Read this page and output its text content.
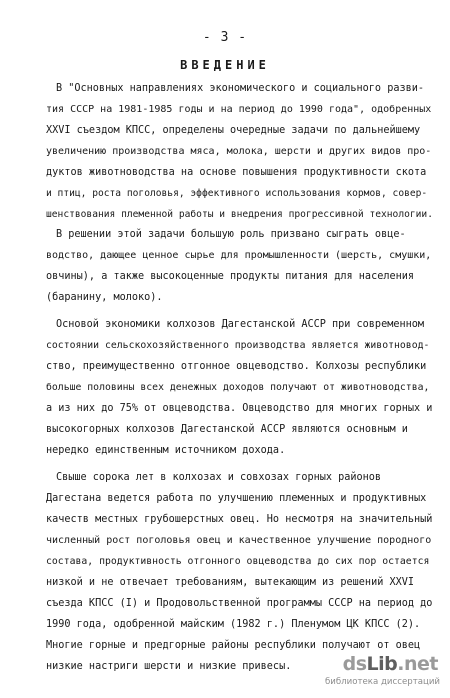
- 3 -
ВВЕДЕНИЕ
В "Основных направлениях экономического и социального разви-
тия СССР на 1981-1985 годы и на период до 1990 года", одобренных
XXVI съездом КПСС, определены очередные задачи по дальнейшему
увеличению производства мяса, молока, шерсти и других видов про-
дуктов животноводства на основе повышения продуктивности скота
и птиц, роста поголовья, эффективного использования кормов, совер-
шенствования племенной работы и внедрения прогрессивной технологии.
В решении этой задачи большую роль призвано сыграть овце-
водство, дающее ценное сырье для промышленности (шерсть, смушки,
овчины), а также высокоценные продукты питания для населения
(баранину, молоко).
Основой экономики колхозов Дагестанской АССР при современном
состоянии сельскохозяйственного производства является животновод-
ство, преимущественно отгонное овцеводство. Колхозы республики
больше половины всех денежных доходов получают от животноводства,
а из них до 75% от овцеводства. Овцеводство для многих горных и
высокогорных колхозов Дагестанской АССР являются основным и
нередко единственным источником дохода.
Свыше сорока лет в колхозах и совхозах горных районов
Дагестана ведется работа по улучшению племенных и продуктивных
качеств местных грубошерстных овец. Но несмотря на значительный
численный рост поголовья овец и качественное улучшение породного
состава, продуктивность отгонного овцеводства до сих пор остается
низкой и не отвечает требованиям, вытекающим из решений XXVI
съезда КПСС (I) и Продовольственной программы СССР на период до
1990 года, одобренной майским (1982 г.) Пленумом ЦК КПСС (2).
Многие горные и предгорные районы республики получают от овец
низкие настриги шерсти и низкие привесы.	dsLib.net
библиотека диссертаций
